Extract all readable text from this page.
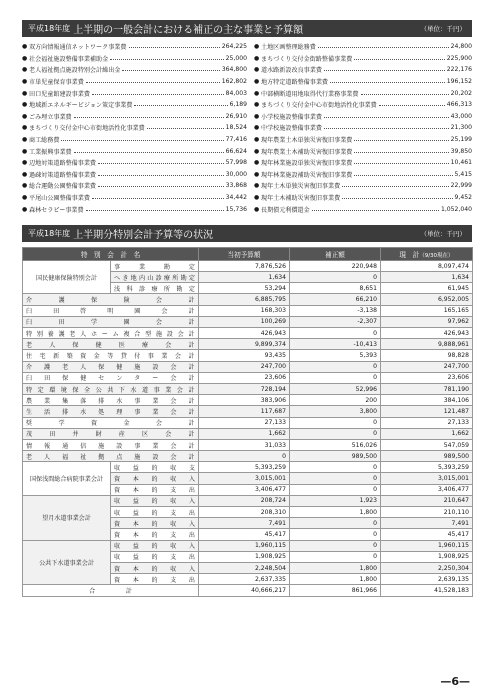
平成18年度 上半期の一般会計における補正の主な事業と予算額	（単位：千円）
● 双方向情報通信ネットワーク事業費	264,225
● 社会福祉施設整備事業補助金	25,000
● 老人福祉拠点施設特別会計繰出金	364,800
● 市単児童保育事業費	162,802
● 田口児童館建設事業費	84,003
● 地域新エネルギービジョン策定事業費	6,189
● ごみ埋立事業費	26,910
● まちづくり交付金中心市街地活性化事業費	18,524
● 商工総務費	77,416
● 工業振興事業費	66,624
● 辺地対策道路整備事業費	57,998
● 過疎対策道路整備事業費	30,000
● 総合運動公園整備事業費	33,868
● 平尾山公園整備事業費	34,442
● 森林セラピー事業費	15,736
● 土地区画整理総務費	24,800
● まちづくり交付金街路整備事業費	225,900
● 道水路新設改良事業費	222,176
● 地方特定道路整備事業費	196,152
● 中部横断道用地取得代行業務事業費	20,202
● まちづくり交付金中心市街地活性化事業費	466,313
● 小学校施設整備事業費	43,000
● 中学校施設整備事業費	21,300
● 現年農業土木単独災害復旧事業費	25,199
● 現年農業土木補助災害復旧事業費	39,850
● 現年林業施設単独災害復旧事業費	10,461
● 現年林業施設補助災害復旧事業費	5,415
● 現年土木単独災害復旧事業費	22,999
● 現年土木補助災害復旧事業費	9,452
● 長期債元利償還金	1,052,040
平成18年度 上半期分特別会計予算等の状況	（単位：千円）
特　別　会　計　名		当初予算額	補正額	現　計（9/30現在）
国民健康保険特別会計	事業勘定	7,876,526	220,948	8,097,474
	へき地内山診療所勘定	1,634	0	1,634
	浅科診療所勘定	53,294	8,651	61,945
介護保険会計		6,885,795	66,210	6,952,005
臼田啓明園会計		168,303	-3,138	165,165
臼田学園会計		100,269	-2,307	97,962
特別養護老人ホーム複合型施設会計		426,943	0	426,943
老人保健医療会計		9,899,374	-10,413	9,888,961
住宅新築資金等貸付事業会計		93,435	5,393	98,828
介護老人保健施設会計		247,700	0	247,700
臼田保健センター会計		23,606	0	23,606
特定環境保全公共下水道事業会計		728,194	52,996	781,190
農業集落排水事業会計		383,906	200	384,106
生活排水処理事業会計		117,687	3,800	121,487
奨学資金会計		27,133	0	27,133
茂田井財産区会計		1,662	0	1,662
情報通信施設事業会計		31,033	516,026	547,059
老人福祉拠点施設会計		0	989,500	989,500
国保浅間総合病院事業会計	収益的収支	5,393,259	0	5,393,259
	資本的収入	3,015,001	0	3,015,001
	資本的支出	3,406,477	0	3,406,477
望月水道事業会計	収益的収入	208,724	1,923	210,647
	収益的支出	208,310	1,800	210,110
	資本的収入	7,491	0	7,491
	資本的支出	45,417	0	45,417
公共下水道事業会計	収益的収入	1,960,115	0	1,960,115
	収益的支出	1,908,925	0	1,908,925
	資本的収入	2,248,504	1,800	2,250,304
	資本的支出	2,637,335	1,800	2,639,135
合　　　　　計		40,666,217	861,966	41,528,183
—6—
